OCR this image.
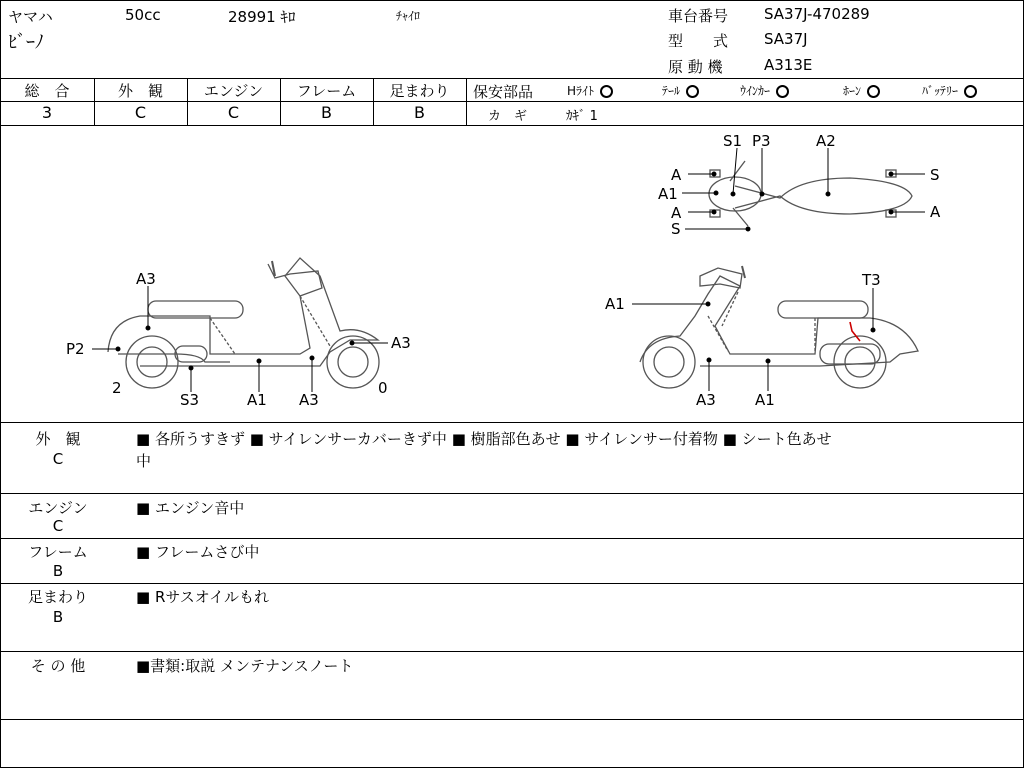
ヤマハ	50cc	28991 ｷﾛ	ﾁｬｲﾛ
ﾋﾞｰﾉ
車台番号 SA37J-470289
型　　式 SA37J
原 動 機	A313E
総　合	外　観	エンジン	フレーム	足まわり
3	C	C	B	B
保安部品	Hﾗｲﾄ	ﾃｰﾙ	ｳｲﾝｶｰ	ﾎｰﾝ	ﾊﾞｯﾃﾘｰ
カ　ギ	ｶｷﾞ 1
A3
P2
2
S3	A1 A3
A3
0
A1
T3
A3	A1
S1 P3	A2
A
A1
A
S
S
A
外　観
C
■ 各所うすきず ■ サイレンサーカバーきず中 ■ 樹脂部色あせ ■ サイレンサー付着物 ■ シート色あせ
中
エンジン
C
■ エンジン音中
フレーム
B
■ フレームさび中
足まわり
B
■ Rサスオイルもれ
そ の 他	■書類:取説 メンテナンスノート
